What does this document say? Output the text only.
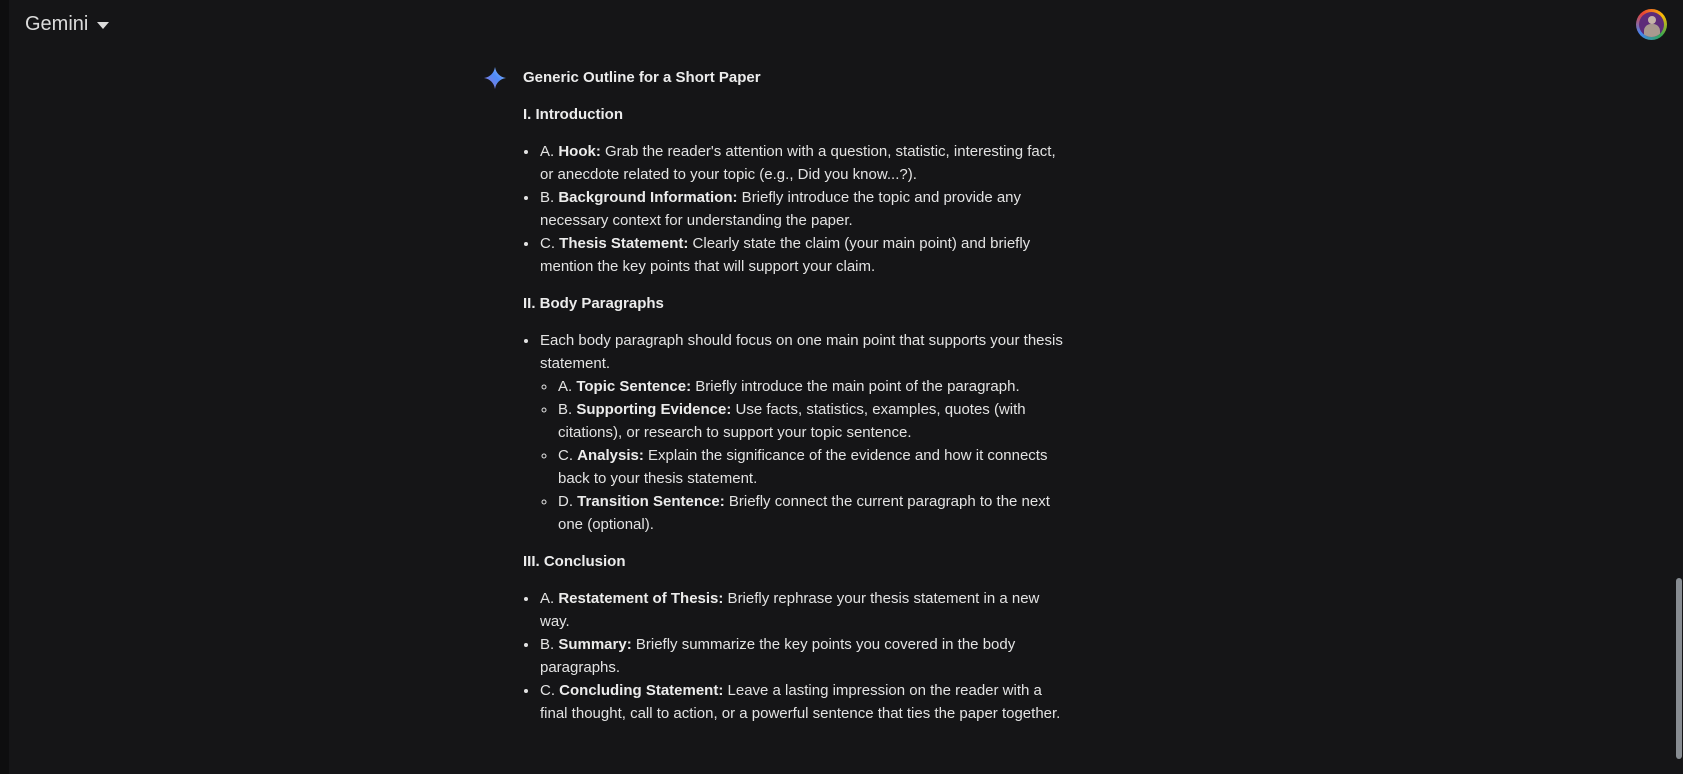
Gemini
Generic Outline for a Short Paper
I. Introduction
• A. Hook: Grab the reader's attention with a question, statistic, interesting fact, or anecdote related to your topic (e.g., Did you know...?).
• B. Background Information: Briefly introduce the topic and provide any necessary context for understanding the paper.
• C. Thesis Statement: Clearly state the claim (your main point) and briefly mention the key points that will support your claim.
II. Body Paragraphs
• Each body paragraph should focus on one main point that supports your thesis statement.
◦ A. Topic Sentence: Briefly introduce the main point of the paragraph.
◦ B. Supporting Evidence: Use facts, statistics, examples, quotes (with citations), or research to support your topic sentence.
◦ C. Analysis: Explain the significance of the evidence and how it connects back to your thesis statement.
◦ D. Transition Sentence: Briefly connect the current paragraph to the next one (optional).
III. Conclusion
• A. Restatement of Thesis: Briefly rephrase your thesis statement in a new way.
• B. Summary: Briefly summarize the key points you covered in the body paragraphs.
• C. Concluding Statement: Leave a lasting impression on the reader with a final thought, call to action, or a powerful sentence that ties the paper together.
